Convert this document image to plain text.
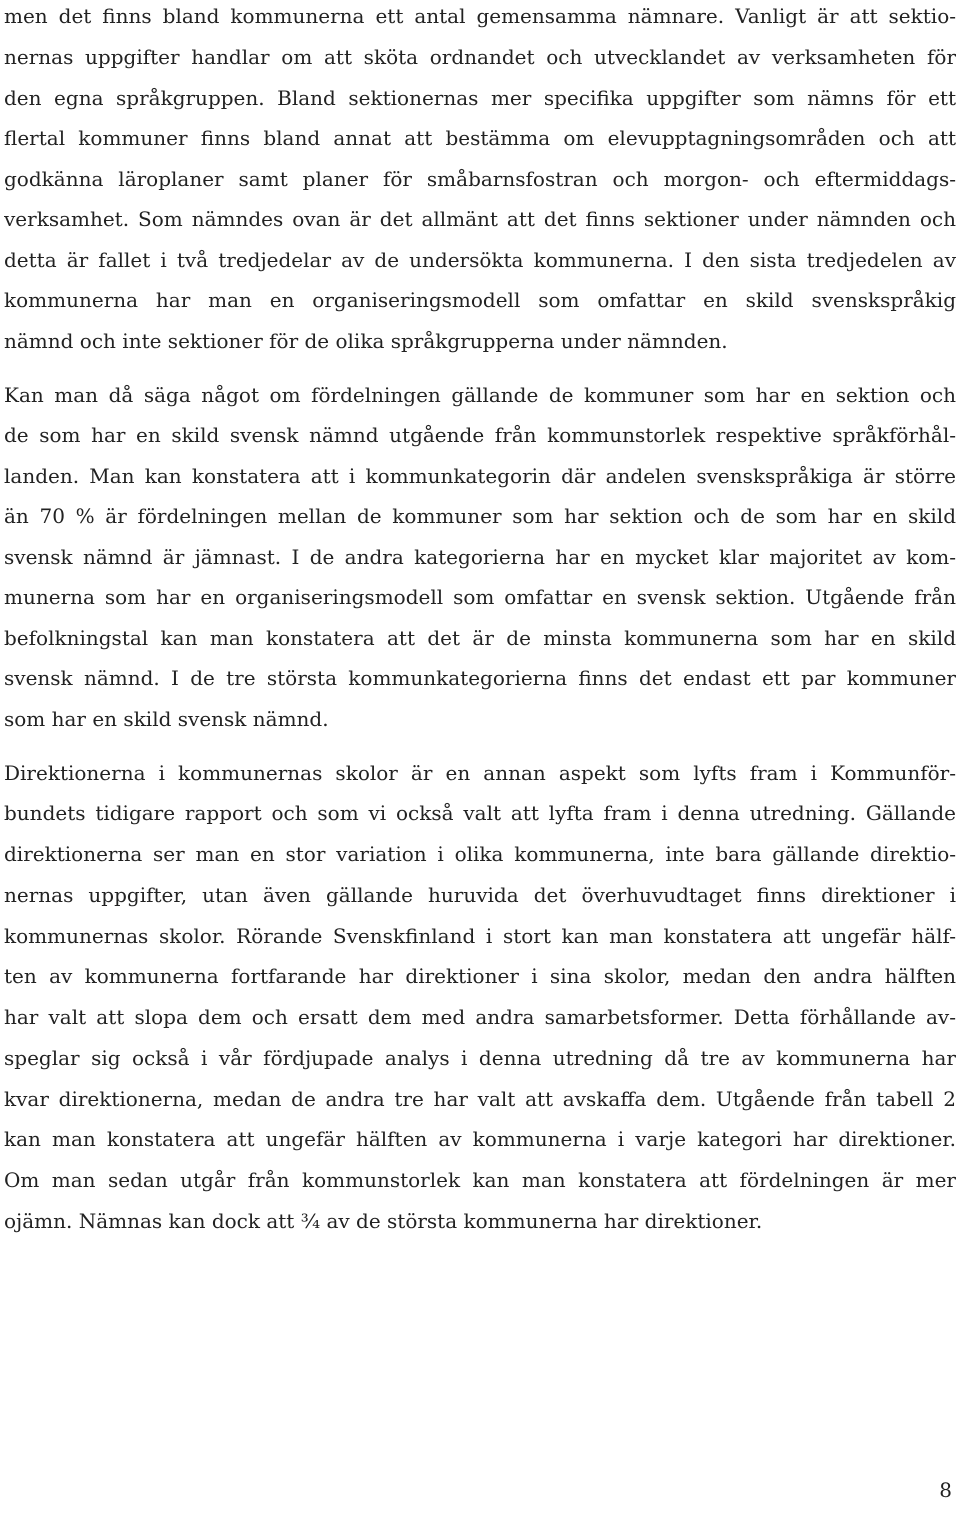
men det finns bland kommunerna ett antal gemensamma nämnare. Vanligt är att sektio-
nernas uppgifter handlar om att sköta ordnandet och utvecklandet av verksamheten för
den egna språkgruppen. Bland sektionernas mer specifika uppgifter som nämns för ett
flertal kommuner finns bland annat att bestämma om elevupptagningsområden och att
godkänna läroplaner samt planer för småbarnsfostran och morgon- och eftermiddags-
verksamhet. Som nämndes ovan är det allmänt att det finns sektioner under nämnden och
detta är fallet i två tredjedelar av de undersökta kommunerna. I den sista tredjedelen av
kommunerna har man en organiseringsmodell som omfattar en skild svenskspråkig
nämnd och inte sektioner för de olika språkgrupperna under nämnden.
Kan man då säga något om fördelningen gällande de kommuner som har en sektion och
de som har en skild svensk nämnd utgående från kommunstorlek respektive språkförhål-
landen. Man kan konstatera att i kommunkategorin där andelen svenskspråkiga är större
än 70 % är fördelningen mellan de kommuner som har sektion och de som har en skild
svensk nämnd är jämnast. I de andra kategorierna har en mycket klar majoritet av kom-
munerna som har en organiseringsmodell som omfattar en svensk sektion. Utgående från
befolkningstal kan man konstatera att det är de minsta kommunerna som har en skild
svensk nämnd. I de tre största kommunkategorierna finns det endast ett par kommuner
som har en skild svensk nämnd.
Direktionerna i kommunernas skolor är en annan aspekt som lyfts fram i Kommunför-
bundets tidigare rapport och som vi också valt att lyfta fram i denna utredning. Gällande
direktionerna ser man en stor variation i olika kommunerna, inte bara gällande direktio-
nernas uppgifter, utan även gällande huruvida det överhuvudtaget finns direktioner i
kommunernas skolor. Rörande Svenskfinland i stort kan man konstatera att ungefär hälf-
ten av kommunerna fortfarande har direktioner i sina skolor, medan den andra hälften
har valt att slopa dem och ersatt dem med andra samarbetsformer. Detta förhållande av-
speglar sig också i vår fördjupade analys i denna utredning då tre av kommunerna har
kvar direktionerna, medan de andra tre har valt att avskaffa dem. Utgående från tabell 2
kan man konstatera att ungefär hälften av kommunerna i varje kategori har direktioner.
Om man sedan utgår från kommunstorlek kan man konstatera att fördelningen är mer
ojämn. Nämnas kan dock att ¾ av de största kommunerna har direktioner.
8
